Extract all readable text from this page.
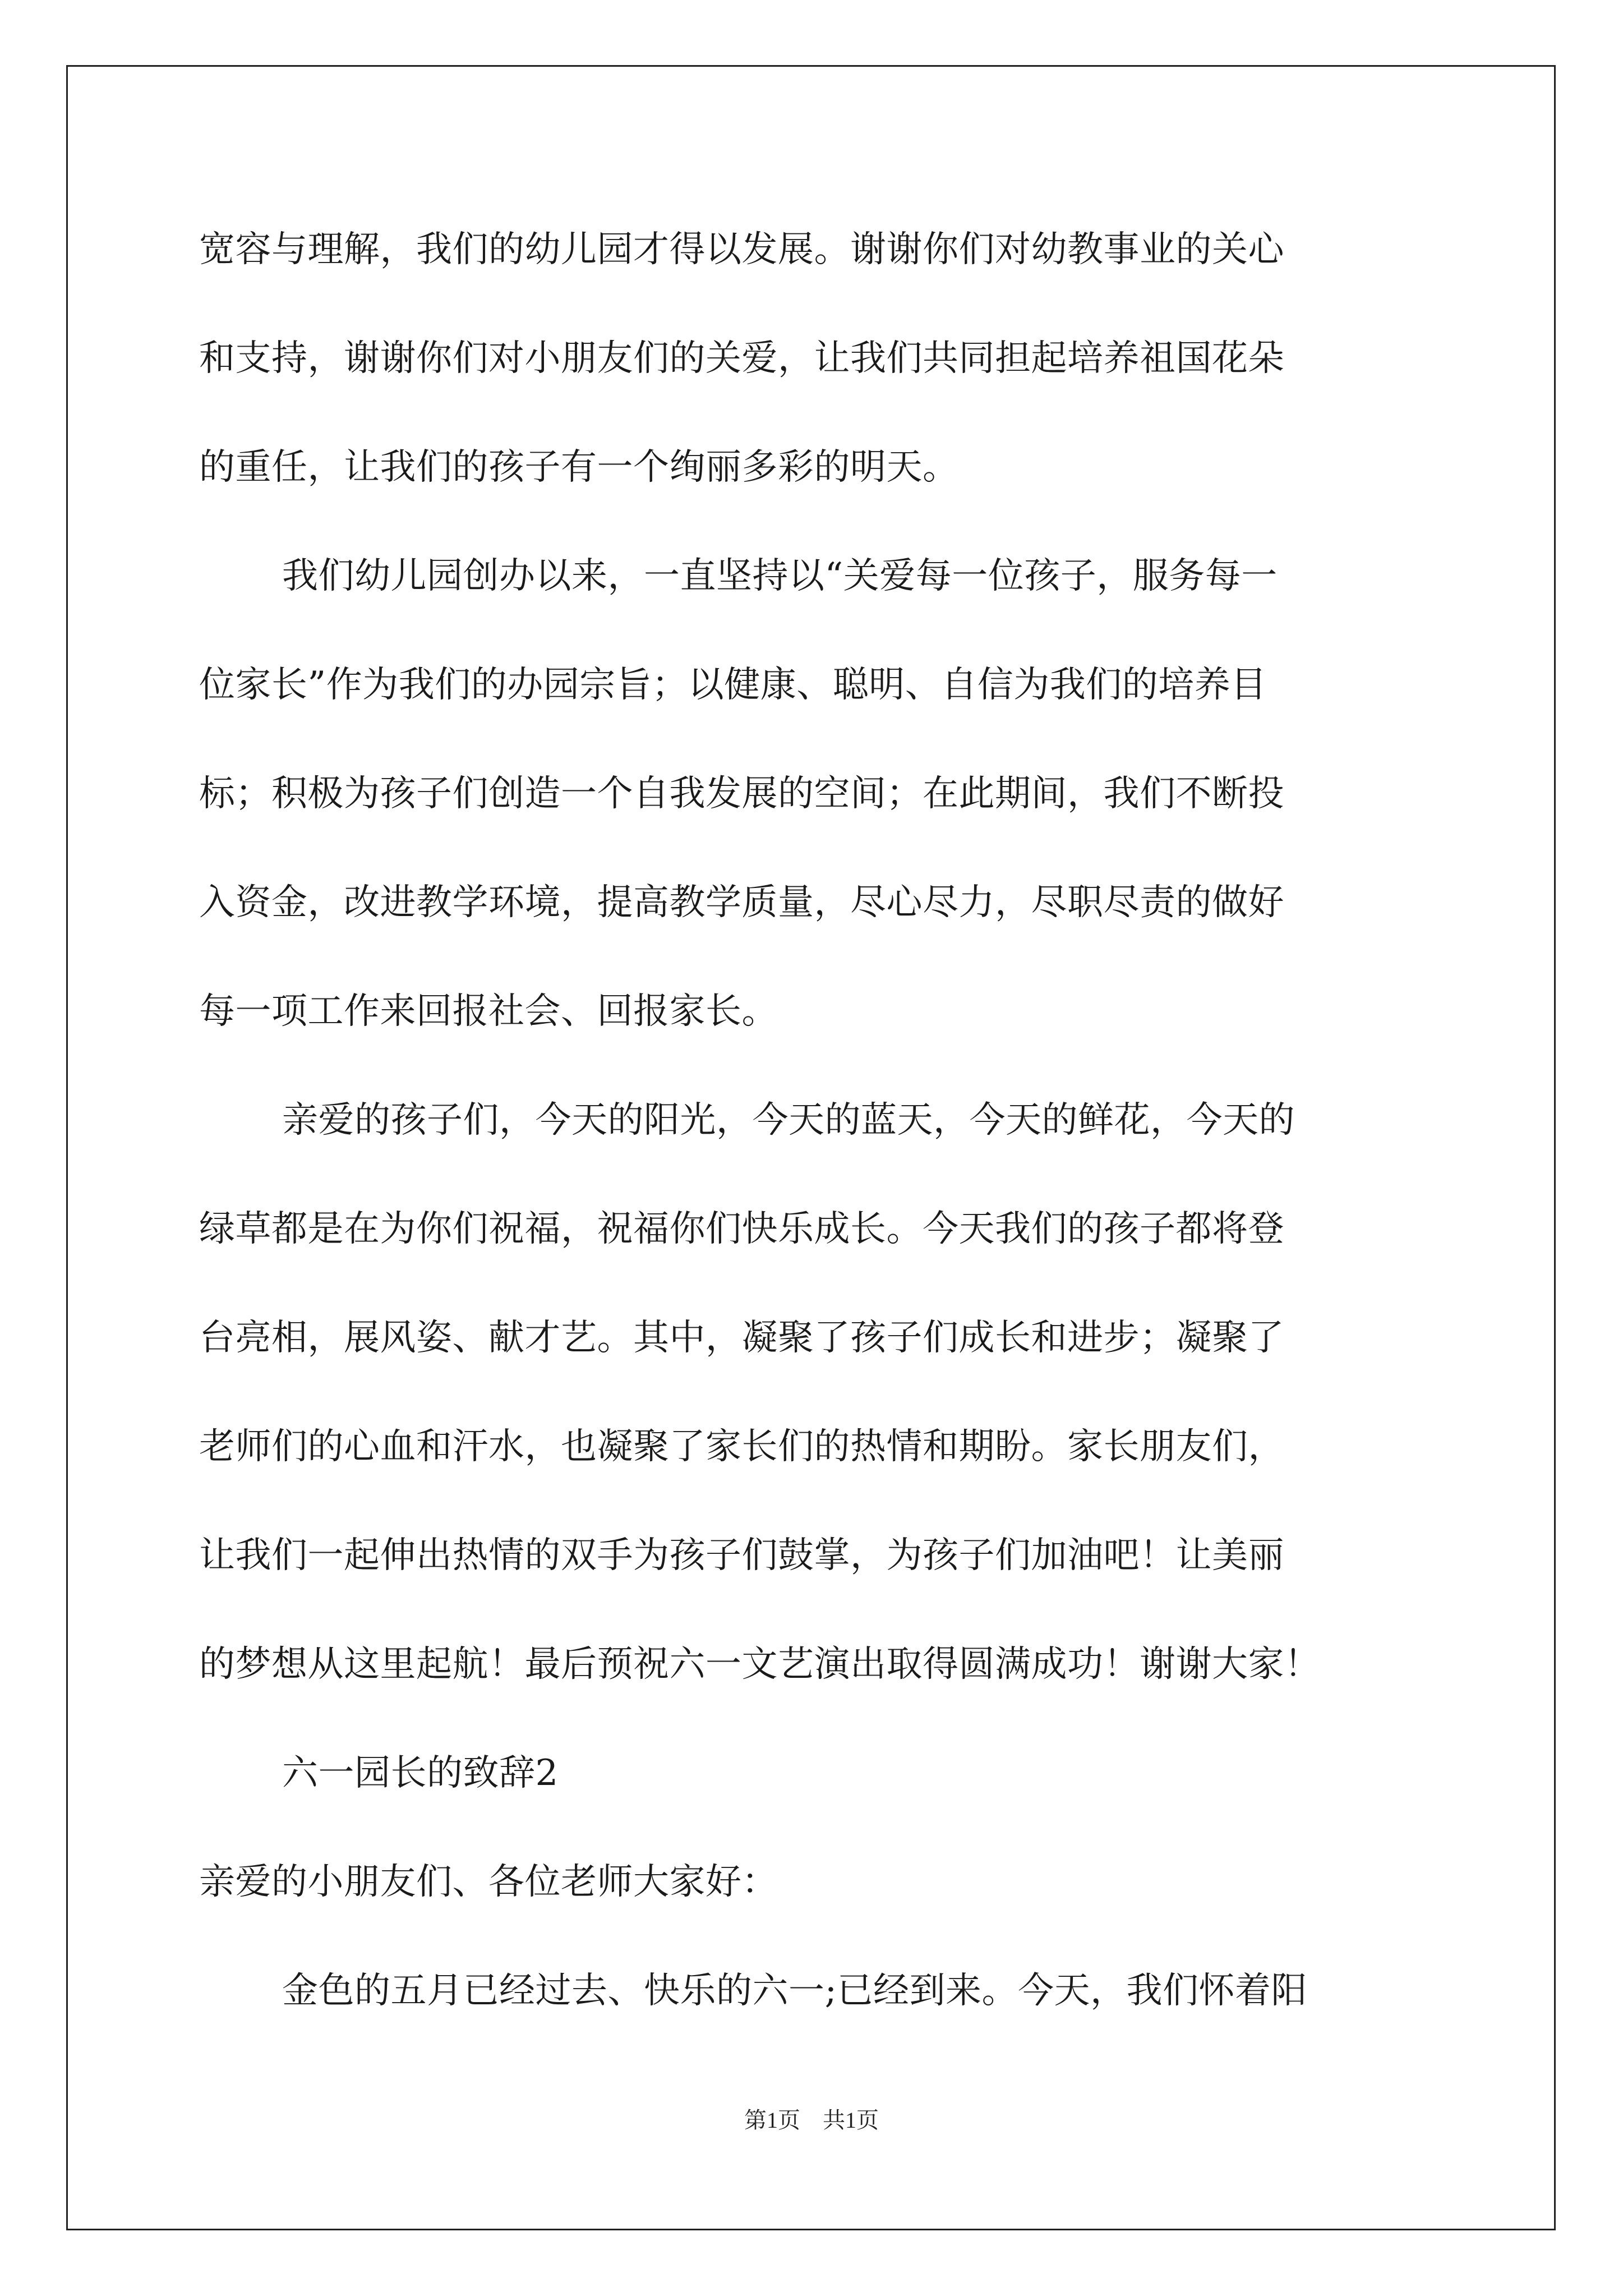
宽容与理解，我们的幼儿园才得以发展。谢谢你们对幼教事业的关心
和支持，谢谢你们对小朋友们的关爱，让我们共同担起培养祖国花朵
的重任，让我们的孩子有一个绚丽多彩的明天。
我们幼儿园创办以来，一直坚持以“关爱每一位孩子，服务每一
位家长”作为我们的办园宗旨；以健康、聪明、自信为我们的培养目
标；积极为孩子们创造一个自我发展的空间；在此期间，我们不断投
入资金，改进教学环境，提高教学质量，尽心尽力，尽职尽责的做好
每一项工作来回报社会、回报家长。
亲爱的孩子们，今天的阳光，今天的蓝天，今天的鲜花，今天的
绿草都是在为你们祝福，祝福你们快乐成长。今天我们的孩子都将登
台亮相，展风姿、献才艺。其中，凝聚了孩子们成长和进步；凝聚了
老师们的心血和汗水，也凝聚了家长们的热情和期盼。家长朋友们，
让我们一起伸出热情的双手为孩子们鼓掌，为孩子们加油吧！让美丽
的梦想从这里起航！最后预祝六一文艺演出取得圆满成功！谢谢大家！
六一园长的致辞2
亲爱的小朋友们、各位老师大家好：
金色的五月已经过去、快乐的六一;已经到来。今天，我们怀着阳
第1页　共1页
